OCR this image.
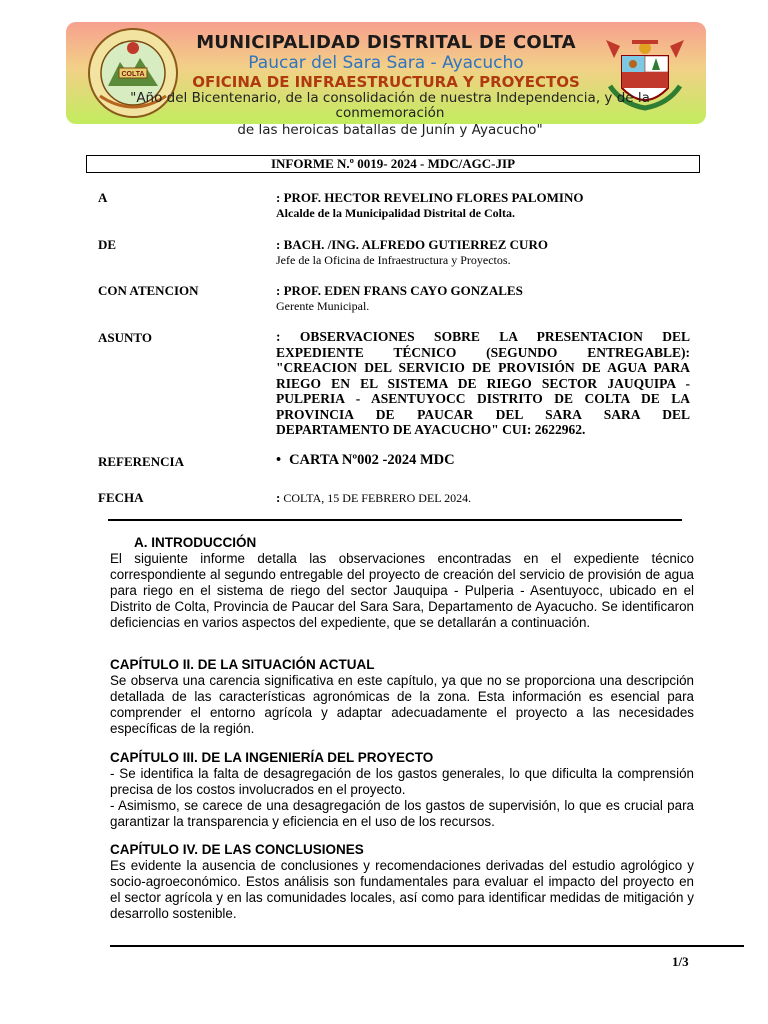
COLTA
MUNICIPALIDAD DISTRITAL DE COLTA
Paucar del Sara Sara - Ayacucho
OFICINA DE INFRAESTRUCTURA Y PROYECTOS
"Año del Bicentenario, de la consolidación de nuestra Independencia, y de la
conmemoración
de las heroicas batallas de Junín y Ayacucho"
INFORME N.º 0019- 2024 - MDC/AGC-JIP
A	: PROF. HECTOR REVELINO FLORES PALOMINO
Alcalde de la Municipalidad Distrital de Colta.
DE	: BACH. /ING. ALFREDO GUTIERREZ CURO
Jefe de la Oficina de Infraestructura y Proyectos.
CON ATENCION	: PROF. EDEN FRANS CAYO GONZALES
Gerente Municipal.
ASUNTO	: OBSERVACIONES SOBRE LA PRESENTACION DEL EXPEDIENTE TÉCNICO (SEGUNDO ENTREGABLE): "CREACION DEL SERVICIO DE PROVISIÓN DE AGUA PARA RIEGO EN EL SISTEMA DE RIEGO SECTOR JAUQUIPA - PULPERIA - ASENTUYOCC DISTRITO DE COLTA DE LA PROVINCIA DE PAUCAR DEL SARA SARA DEL DEPARTAMENTO DE AYACUCHO" CUI: 2622962.
REFERENCIA	• CARTA Nº002 -2024 MDC
FECHA	: COLTA, 15 DE FEBRERO DEL 2024.
A. INTRODUCCIÓN

El siguiente informe detalla las observaciones encontradas en el expediente técnico correspondiente al segundo entregable del proyecto de creación del servicio de provisión de agua para riego en el sistema de riego del sector Jauquipa - Pulperia - Asentuyocc, ubicado en el Distrito de Colta, Provincia de Paucar del Sara Sara, Departamento de Ayacucho. Se identificaron deficiencias en varios aspectos del expediente, que se detallarán a continuación.

CAPÍTULO II. DE LA SITUACIÓN ACTUAL

Se observa una carencia significativa en este capítulo, ya que no se proporciona una descripción detallada de las características agronómicas de la zona. Esta información es esencial para comprender el entorno agrícola y adaptar adecuadamente el proyecto a las necesidades específicas de la región.

CAPÍTULO III. DE LA INGENIERÍA DEL PROYECTO

- Se identifica la falta de desagregación de los gastos generales, lo que dificulta la comprensión precisa de los costos involucrados en el proyecto.

- Asimismo, se carece de una desagregación de los gastos de supervisión, lo que es crucial para garantizar la transparencia y eficiencia en el uso de los recursos.

CAPÍTULO IV. DE LAS CONCLUSIONES

Es evidente la ausencia de conclusiones y recomendaciones derivadas del estudio agrológico y socio-agroeconómico. Estos análisis son fundamentales para evaluar el impacto del proyecto en el sector agrícola y en las comunidades locales, así como para identificar medidas de mitigación y desarrollo sostenible.

1/3
